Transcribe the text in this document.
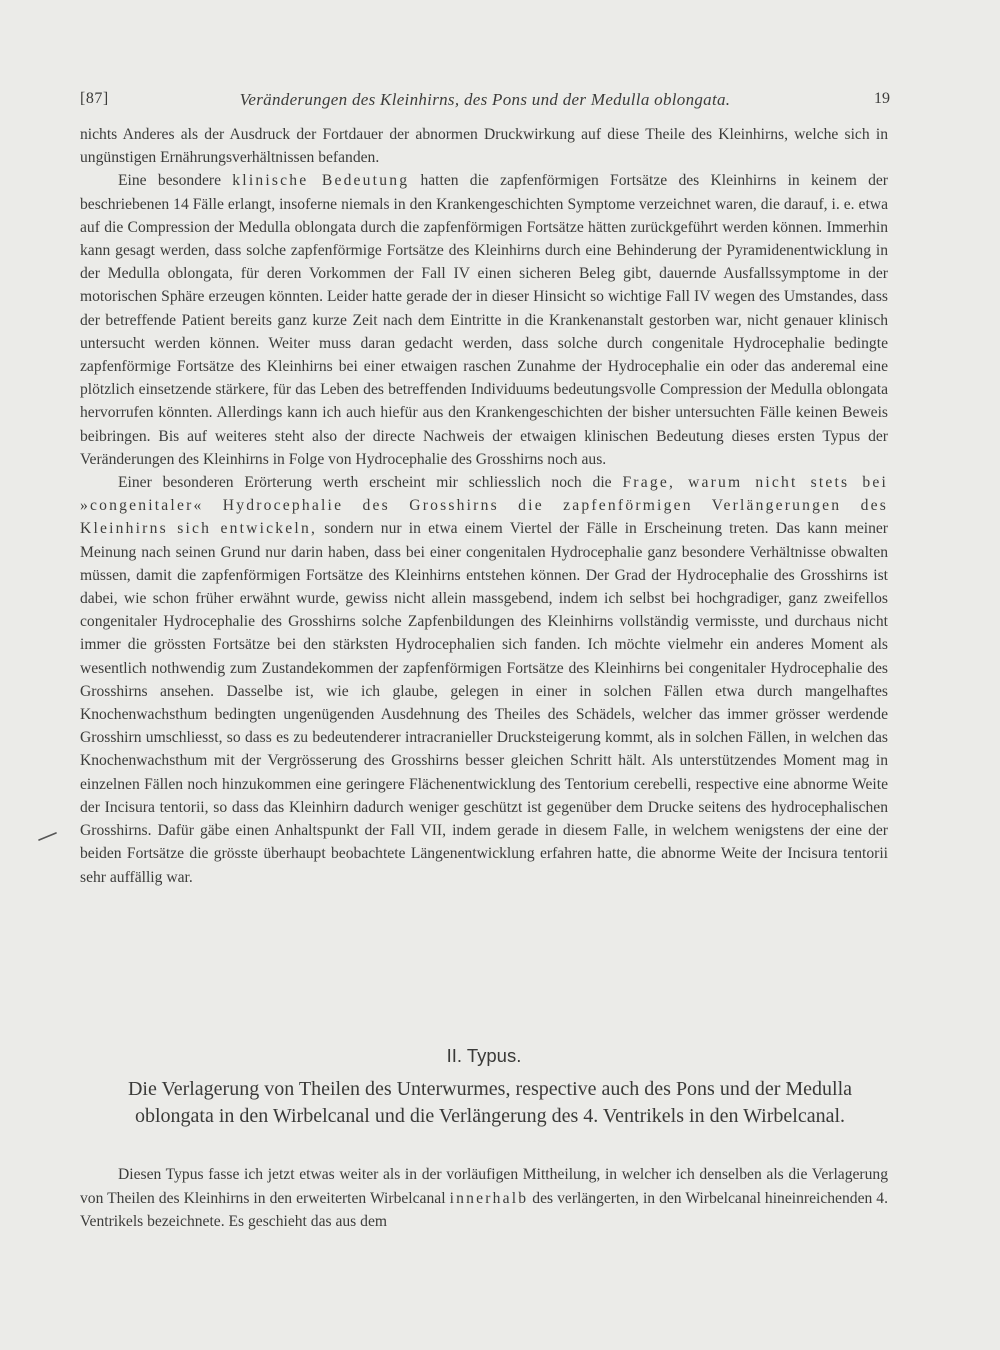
[87]	Veränderungen des Kleinhirns, des Pons und der Medulla oblongata.	19

nichts Anderes als der Ausdruck der Fortdauer der abnormen Druckwirkung auf diese Theile des Kleinhirns, welche sich in ungünstigen Ernährungsverhältnissen befanden.

Eine besondere klinische Bedeutung hatten die zapfenförmigen Fortsätze des Kleinhirns in keinem der beschriebenen 14 Fälle erlangt, insoferne niemals in den Krankengeschichten Symptome verzeichnet waren, die darauf, i. e. etwa auf die Compression der Medulla oblongata durch die zapfenförmigen Fortsätze hätten zurückgeführt werden können. Immerhin kann gesagt werden, dass solche zapfenförmige Fortsätze des Kleinhirns durch eine Behinderung der Pyramidenentwicklung in der Medulla oblongata, für deren Vorkommen der Fall IV einen sicheren Beleg gibt, dauernde Ausfallssymptome in der motorischen Sphäre erzeugen könnten. Leider hatte gerade der in dieser Hinsicht so wichtige Fall IV wegen des Umstandes, dass der betreffende Patient bereits ganz kurze Zeit nach dem Eintritte in die Krankenanstalt gestorben war, nicht genauer klinisch untersucht werden können. Weiter muss daran gedacht werden, dass solche durch congenitale Hydrocephalie bedingte zapfenförmige Fortsätze des Kleinhirns bei einer etwaigen raschen Zunahme der Hydrocephalie ein oder das anderemal eine plötzlich einsetzende stärkere, für das Leben des betreffenden Individuums bedeutungsvolle Compression der Medulla oblongata hervorrufen könnten. Allerdings kann ich auch hiefür aus den Krankengeschichten der bisher untersuchten Fälle keinen Beweis beibringen. Bis auf weiteres steht also der directe Nachweis der etwaigen klinischen Bedeutung dieses ersten Typus der Veränderungen des Kleinhirns in Folge von Hydrocephalie des Grosshirns noch aus.

Einer besonderen Erörterung werth erscheint mir schliesslich noch die Frage, warum nicht stets bei »congenitaler« Hydrocephalie des Grosshirns die zapfenförmigen Verlängerungen des Kleinhirns sich entwickeln, sondern nur in etwa einem Viertel der Fälle in Erscheinung treten. Das kann meiner Meinung nach seinen Grund nur darin haben, dass bei einer congenitalen Hydrocephalie ganz besondere Verhältnisse obwalten müssen, damit die zapfenförmigen Fortsätze des Kleinhirns entstehen können. Der Grad der Hydrocephalie des Grosshirns ist dabei, wie schon früher erwähnt wurde, gewiss nicht allein massgebend, indem ich selbst bei hochgradiger, ganz zweifellos congenitaler Hydrocephalie des Grosshirns solche Zapfenbildungen des Kleinhirns vollständig vermisste, und durchaus nicht immer die grössten Fortsätze bei den stärksten Hydrocephalien sich fanden. Ich möchte vielmehr ein anderes Moment als wesentlich nothwendig zum Zustandekommen der zapfenförmigen Fortsätze des Kleinhirns bei congenitaler Hydrocephalie des Grosshirns ansehen. Dasselbe ist, wie ich glaube, gelegen in einer in solchen Fällen etwa durch mangelhaftes Knochenwachsthum bedingten ungenügenden Ausdehnung des Theiles des Schädels, welcher das immer grösser werdende Grosshirn umschliesst, so dass es zu bedeutenderer intracranieller Drucksteigerung kommt, als in solchen Fällen, in welchen das Knochenwachsthum mit der Vergrösserung des Grosshirns besser gleichen Schritt hält. Als unterstützendes Moment mag in einzelnen Fällen noch hinzukommen eine geringere Flächenentwicklung des Tentorium cerebelli, respective eine abnorme Weite der Incisura tentorii, so dass das Kleinhirn dadurch weniger geschützt ist gegenüber dem Drucke seitens des hydrocephalischen Grosshirns. Dafür gäbe einen Anhaltspunkt der Fall VII, indem gerade in diesem Falle, in welchem wenigstens der eine der beiden Fortsätze die grösste überhaupt beobachtete Längenentwicklung erfahren hatte, die abnorme Weite der Incisura tentorii sehr auffällig war.

II. Typus.
Die Verlagerung von Theilen des Unterwurmes, respective auch des Pons und der Medulla oblongata in den Wirbelcanal und die Verlängerung des 4. Ventrikels in den Wirbelcanal.

Diesen Typus fasse ich jetzt etwas weiter als in der vorläufigen Mittheilung, in welcher ich denselben als die Verlagerung von Theilen des Kleinhirns in den erweiterten Wirbelcanal innerhalb des verlängerten, in den Wirbelcanal hineinreichenden 4. Ventrikels bezeichnete. Es geschieht das aus dem
